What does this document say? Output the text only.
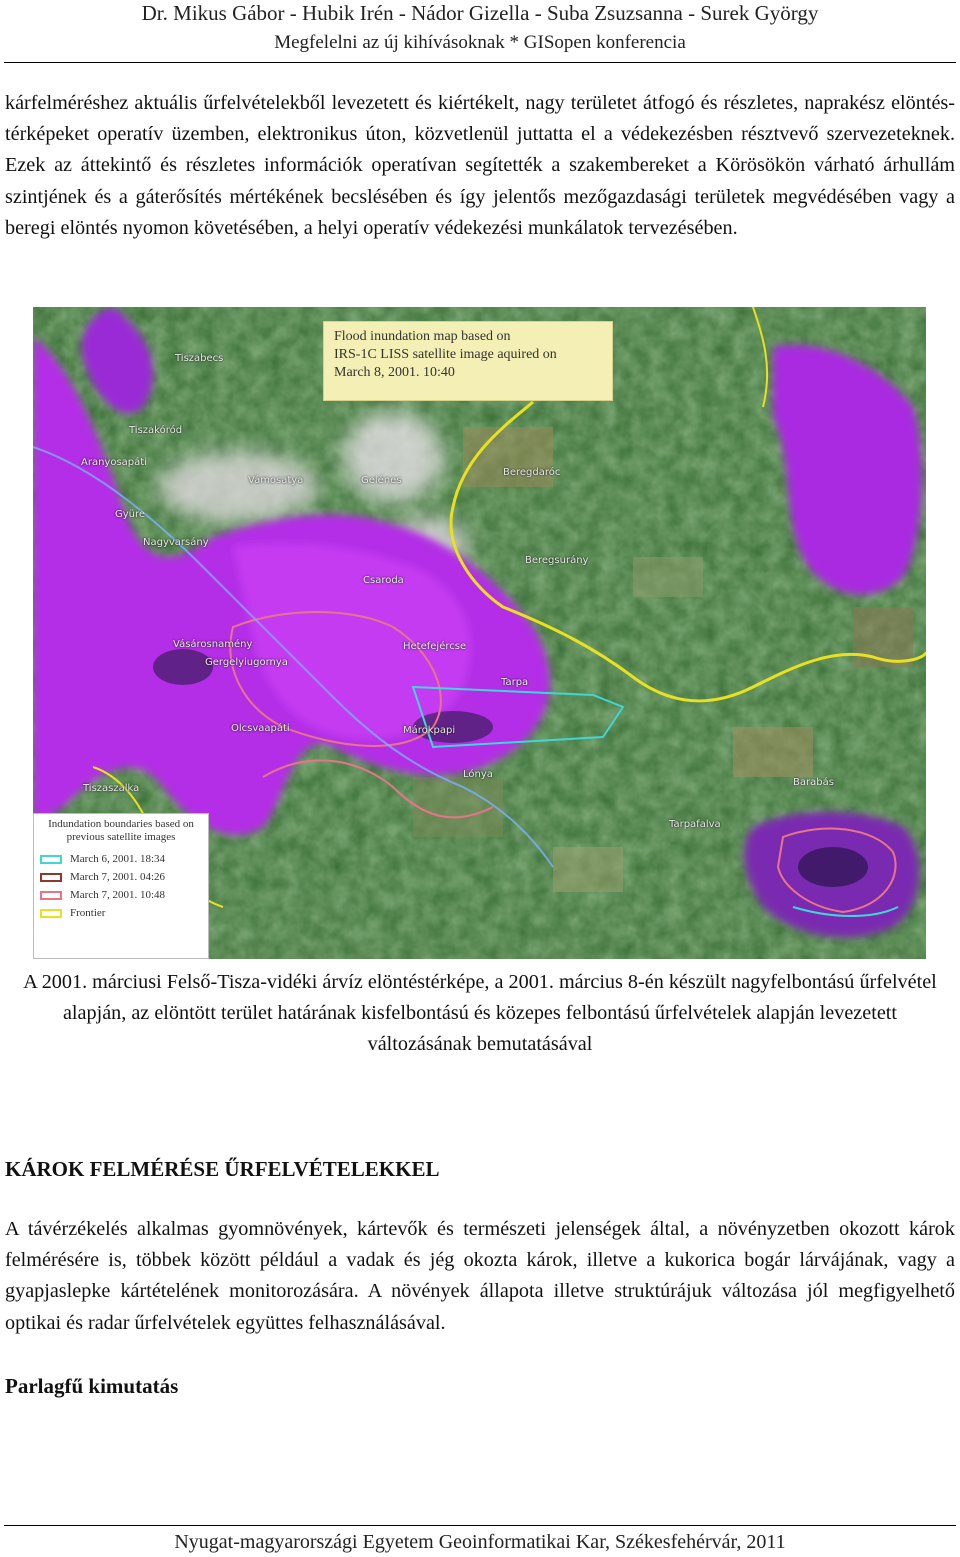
Dr. Mikus Gábor - Hubik Irén - Nádor Gizella - Suba Zsuzsanna - Surek György
Megfelelni az új kihívásoknak * GISopen konferencia

kárfelméréshez aktuális űrfelvételekből levezetett és kiértékelt, nagy területet átfogó és részletes, naprakész elöntés-térképeket operatív üzemben, elektronikus úton, közvetlenül juttatta el a védekezésben résztvevő szervezeteknek. Ezek az áttekintő és részletes információk operatívan segítették a szakembereket a Körösökön várható árhullám szintjének és a gáterősítés mértékének becslésében és így jelentős mezőgazdasági területek megvédésében vagy a beregi elöntés nyomon követésében, a helyi operatív védekezési munkálatok tervezésében.

Flood inundation map based on
IRS-1C LISS satellite image aquired on
March 8, 2001. 10:40
Tiszabecs
Tiszakóród
Aranyosapáti
Vámosatya	Gelénes
Beregdaróc
Gyüre
Nagyvarsány
Csaroda
Beregsurány
Vásárosnamény
Gergelyiugornya
Hetefejércse
Tarpa
Olcsvaapáti	Márokpapi
Tiszaszalka
Lónya
Barabás
Tarpafalva
Indundation boundaries based on previous satellite images
March 6, 2001. 18:34
March 7, 2001. 04:26
March 7, 2001. 10:48
Frontier

A 2001. márciusi Felső-Tisza-vidéki árvíz elöntéstérképe, a 2001. március 8-én készült nagyfelbontású űrfelvétel alapján, az elöntött terület határának kisfelbontású és közepes felbontású űrfelvételek alapján levezetett változásának bemutatásával

KÁROK FELMÉRÉSE ŰRFELVÉTELEKKEL

A távérzékelés alkalmas gyomnövények, kártevők és természeti jelenségek által, a növényzetben okozott károk felmérésére is, többek között például a vadak és jég okozta károk, illetve a kukorica bogár lárvájának, vagy a gyapjaslepke kártételének monitorozására. A növények állapota illetve struktúrájuk változása jól megfigyelhető optikai és radar űrfelvételek együttes felhasználásával.

Parlagfű kimutatás
Nyugat-magyarországi Egyetem Geoinformatikai Kar, Székesfehérvár, 2011
